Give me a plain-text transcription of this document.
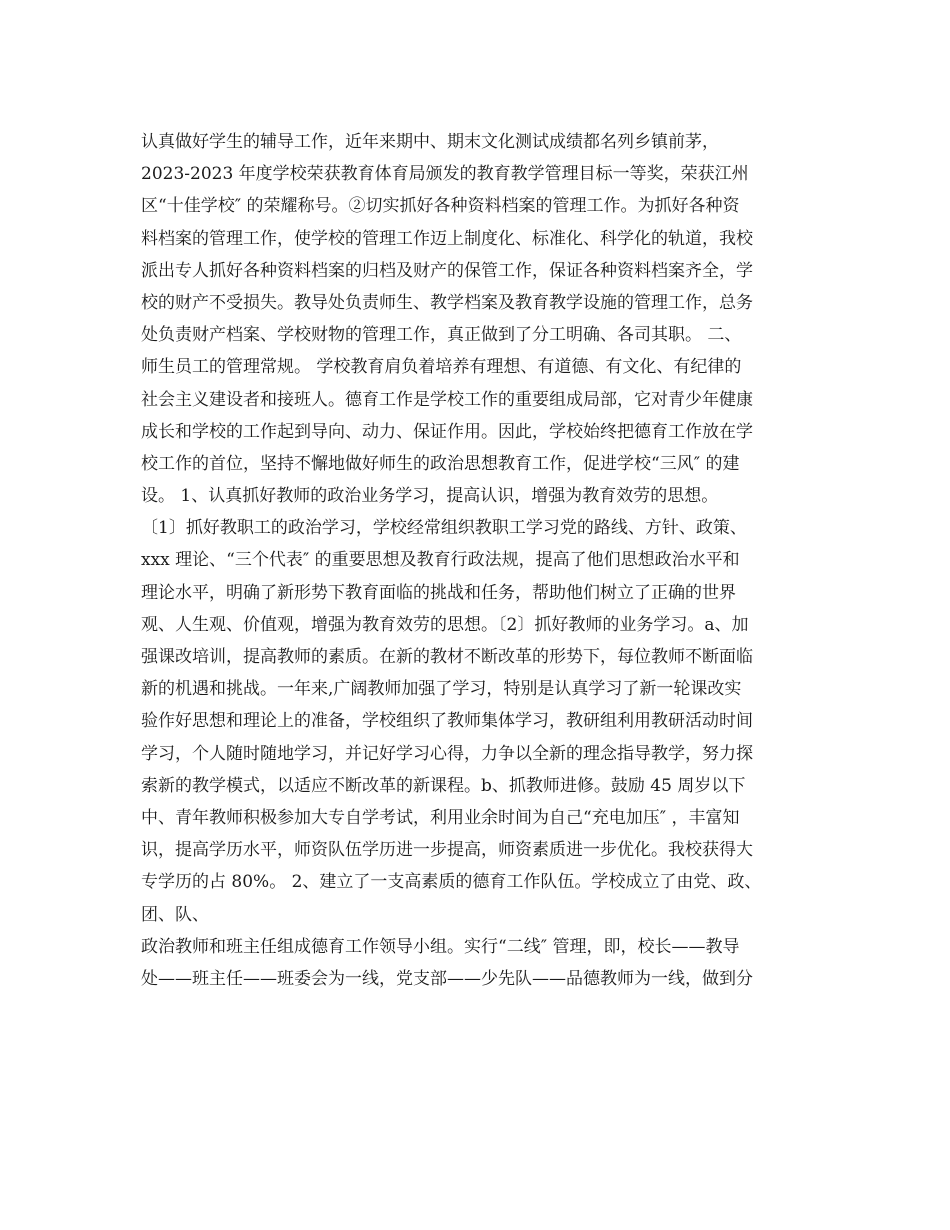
认真做好学生的辅导工作，近年来期中、期末文化测试成绩都名列乡镇前茅，
2023-2023 年度学校荣获教育体育局颁发的教育教学管理目标一等奖，荣获江州
区“十佳学校″ 的荣耀称号。②切实抓好各种资料档案的管理工作。为抓好各种资
料档案的管理工作，使学校的管理工作迈上制度化、标准化、科学化的轨道，我校
派出专人抓好各种资料档案的归档及财产的保管工作，保证各种资料档案齐全，学
校的财产不受损失。教导处负责师生、教学档案及教育教学设施的管理工作，总务
处负责财产档案、学校财物的管理工作，真正做到了分工明确、各司其职。 二、
师生员工的管理常规。 学校教育肩负着培养有理想、有道德、有文化、有纪律的
社会主义建设者和接班人。德育工作是学校工作的重要组成局部，它对青少年健康
成长和学校的工作起到导向、动力、保证作用。因此，学校始终把德育工作放在学
校工作的首位，坚持不懈地做好师生的政治思想教育工作，促进学校“三风″ 的建
设。 1、认真抓好教师的政治业务学习，提高认识，增强为教育效劳的思想。
〔1〕抓好教职工的政治学习，学校经常组织教职工学习党的路线、方针、政策、
xxx 理论、“三个代表″ 的重要思想及教育行政法规，提高了他们思想政治水平和
理论水平，明确了新形势下教育面临的挑战和任务，帮助他们树立了正确的世界
观、人生观、价值观，增强为教育效劳的思想。〔2〕抓好教师的业务学习。a、加
强课改培训，提高教师的素质。在新的教材不断改革的形势下，每位教师不断面临
新的机遇和挑战。一年来,广阔教师加强了学习，特别是认真学习了新一轮课改实
验作好思想和理论上的准备，学校组织了教师集体学习，教研组利用教研活动时间
学习，个人随时随地学习，并记好学习心得，力争以全新的理念指导教学，努力探
索新的教学模式，以适应不断改革的新课程。b、抓教师进修。鼓励 45 周岁以下
中、青年教师积极参加大专自学考试，利用业余时间为自己“充电加压″ ，丰富知
识，提高学历水平，师资队伍学历进一步提高，师资素质进一步优化。我校获得大
专学历的占 80%。 2、建立了一支高素质的德育工作队伍。学校成立了由党、政、
团、队、
政治教师和班主任组成德育工作领导小组。实行“二线″ 管理，即，校长——教导
处——班主任——班委会为一线，党支部——少先队——品德教师为一线，做到分
